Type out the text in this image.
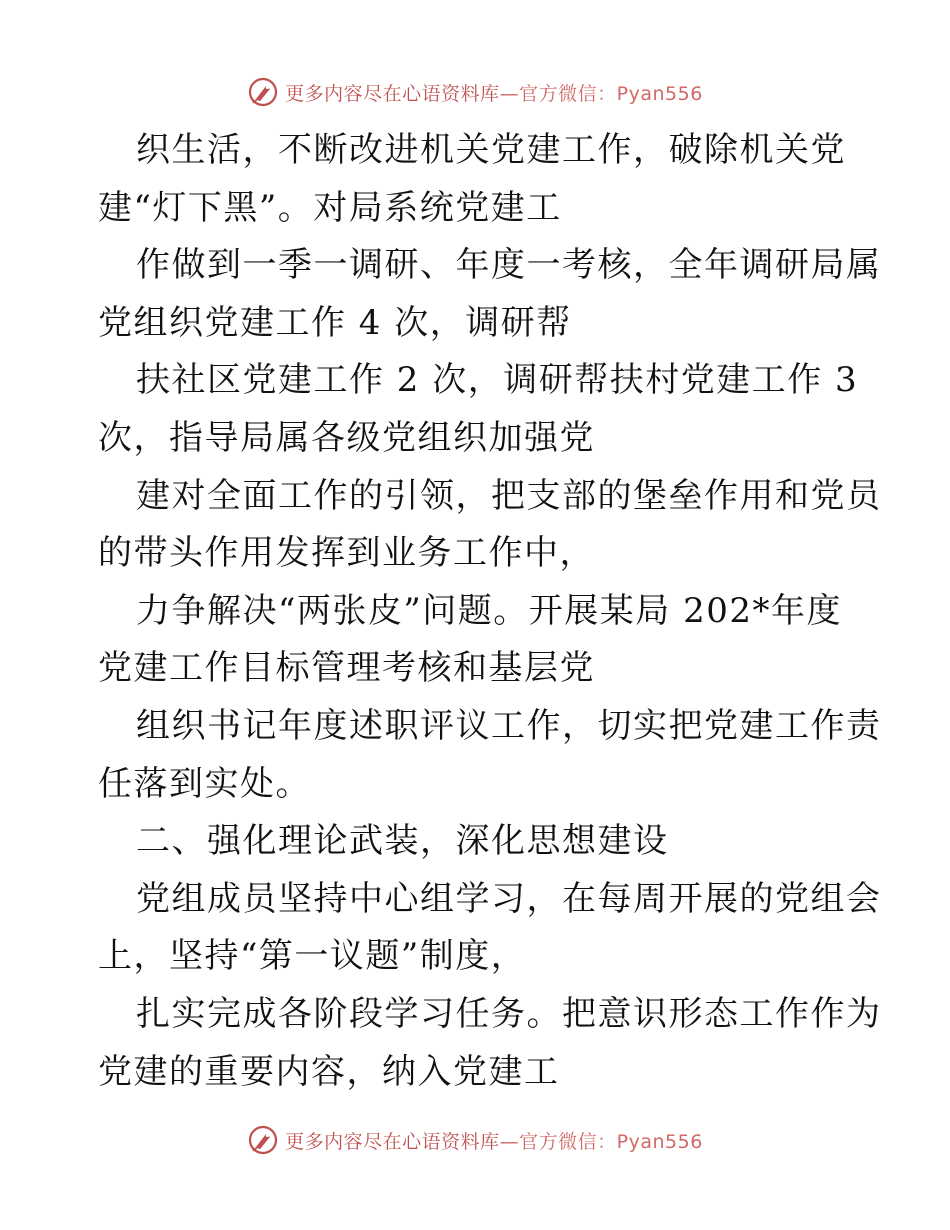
更多内容尽在心语资料库 —官方微信：Pyan556
织生活，不断改进机关党建工作，破除机关党
建“灯下黑”。对局系统党建工
作做到一季一调研、年度一考核，全年调研局属
党组织党建工作 4 次，调研帮
扶社区党建工作 2 次，调研帮扶村党建工作 3
次，指导局属各级党组织加强党
建对全面工作的引领，把支部的堡垒作用和党员
的带头作用发挥到业务工作中，
力争解决“两张皮”问题。开展某局 202*年度
党建工作目标管理考核和基层党
组织书记年度述职评议工作，切实把党建工作责
任落到实处。
二、强化理论武装，深化思想建设
党组成员坚持中心组学习，在每周开展的党组会
上，坚持“第一议题”制度，
扎实完成各阶段学习任务。把意识形态工作作为
党建的重要内容，纳入党建工
更多内容尽在心语资料库 —官方微信：Pyan556
